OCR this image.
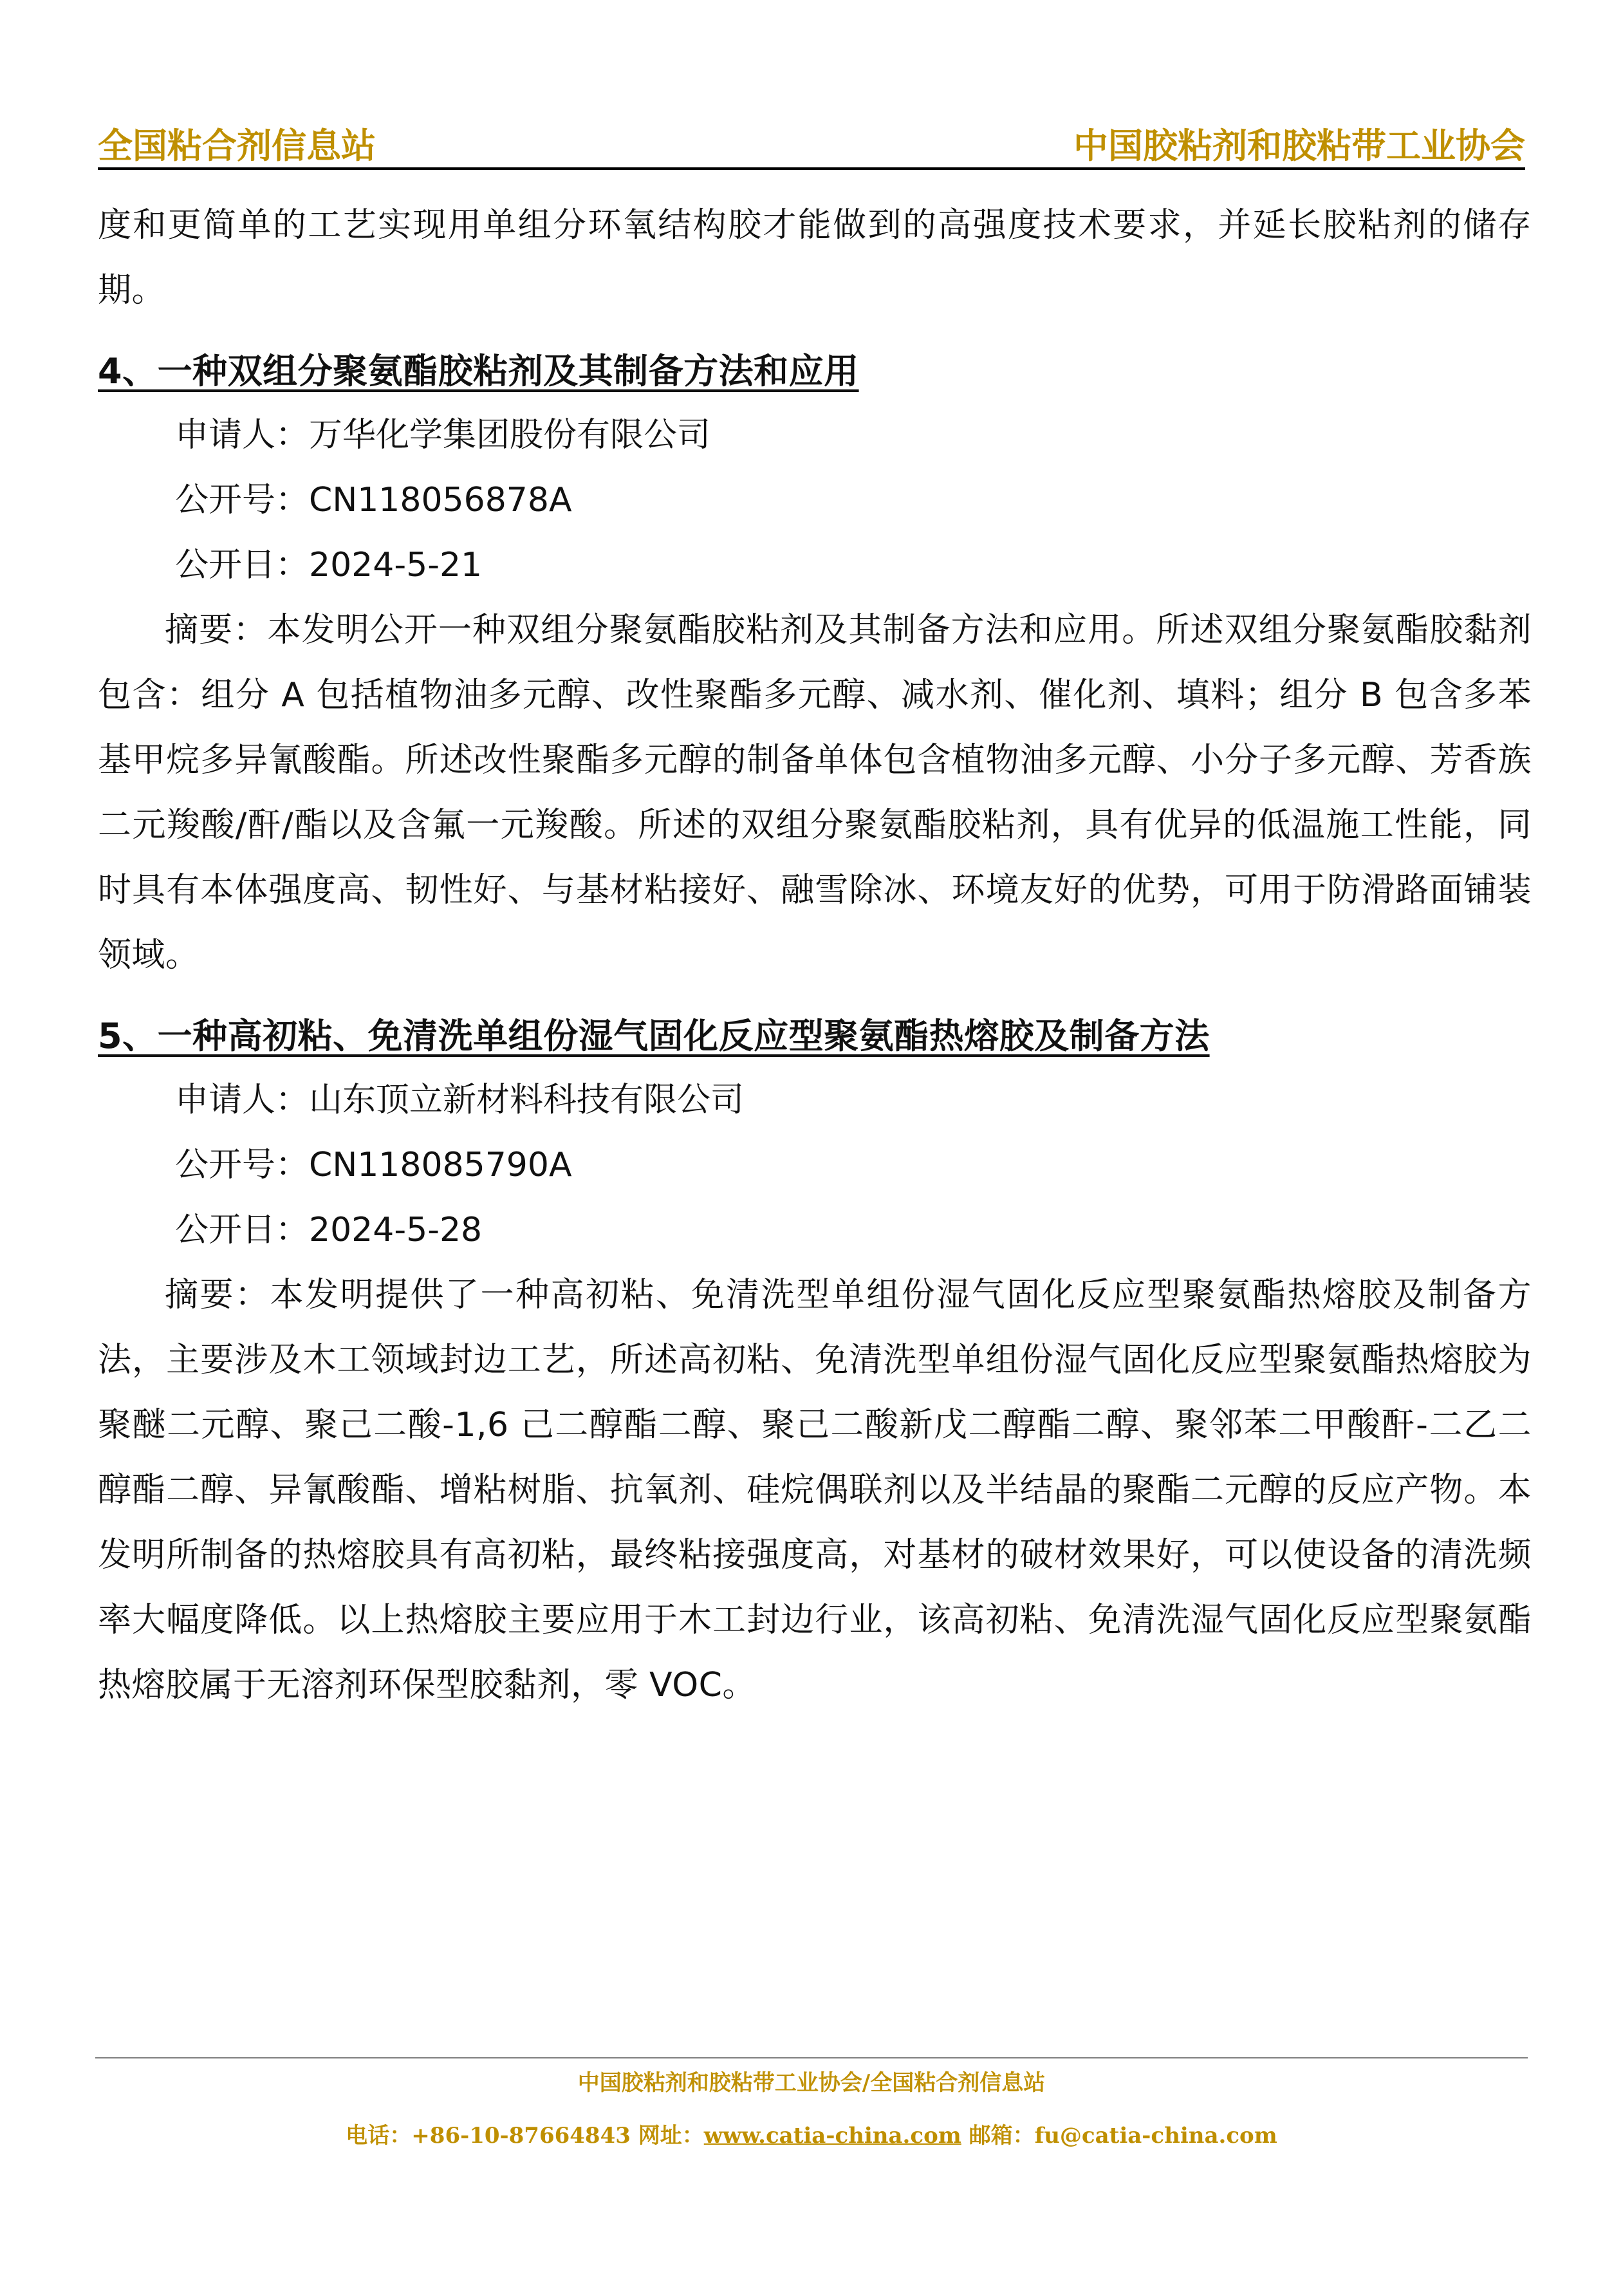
全国粘合剂信息站	中国胶粘剂和胶粘带工业协会

度和更简单的工艺实现用单组分环氧结构胶才能做到的高强度技术要求，并延长胶粘剂的储存期。

4、一种双组分聚氨酯胶粘剂及其制备方法和应用

申请人：万华化学集团股份有限公司

公开号：CN118056878A

公开日：2024-5-21

摘要：本发明公开一种双组分聚氨酯胶粘剂及其制备方法和应用。所述双组分聚氨酯胶黏剂包含：组分 A 包括植物油多元醇、改性聚酯多元醇、减水剂、催化剂、填料；组分 B 包含多苯基甲烷多异氰酸酯。所述改性聚酯多元醇的制备单体包含植物油多元醇、小分子多元醇、芳香族二元羧酸/酐/酯以及含氟一元羧酸。所述的双组分聚氨酯胶粘剂，具有优异的低温施工性能，同时具有本体强度高、韧性好、与基材粘接好、融雪除冰、环境友好的优势，可用于防滑路面铺装领域。

5、一种高初粘、免清洗单组份湿气固化反应型聚氨酯热熔胶及制备方法

申请人：山东顶立新材料科技有限公司

公开号：CN118085790A

公开日：2024-5-28

摘要：本发明提供了一种高初粘、免清洗型单组份湿气固化反应型聚氨酯热熔胶及制备方法，主要涉及木工领域封边工艺，所述高初粘、免清洗型单组份湿气固化反应型聚氨酯热熔胶为聚醚二元醇、聚己二酸-1,6 己二醇酯二醇、聚己二酸新戊二醇酯二醇、聚邻苯二甲酸酐-二乙二醇酯二醇、异氰酸酯、增粘树脂、抗氧剂、硅烷偶联剂以及半结晶的聚酯二元醇的反应产物。本发明所制备的热熔胶具有高初粘，最终粘接强度高，对基材的破材效果好，可以使设备的清洗频率大幅度降低。以上热熔胶主要应用于木工封边行业，该高初粘、免清洗湿气固化反应型聚氨酯热熔胶属于无溶剂环保型胶黏剂，零 VOC。

中国胶粘剂和胶粘带工业协会/全国粘合剂信息站
电话：+86-10-87664843 网址：www.catia-china.com 邮箱：fu@catia-china.com
